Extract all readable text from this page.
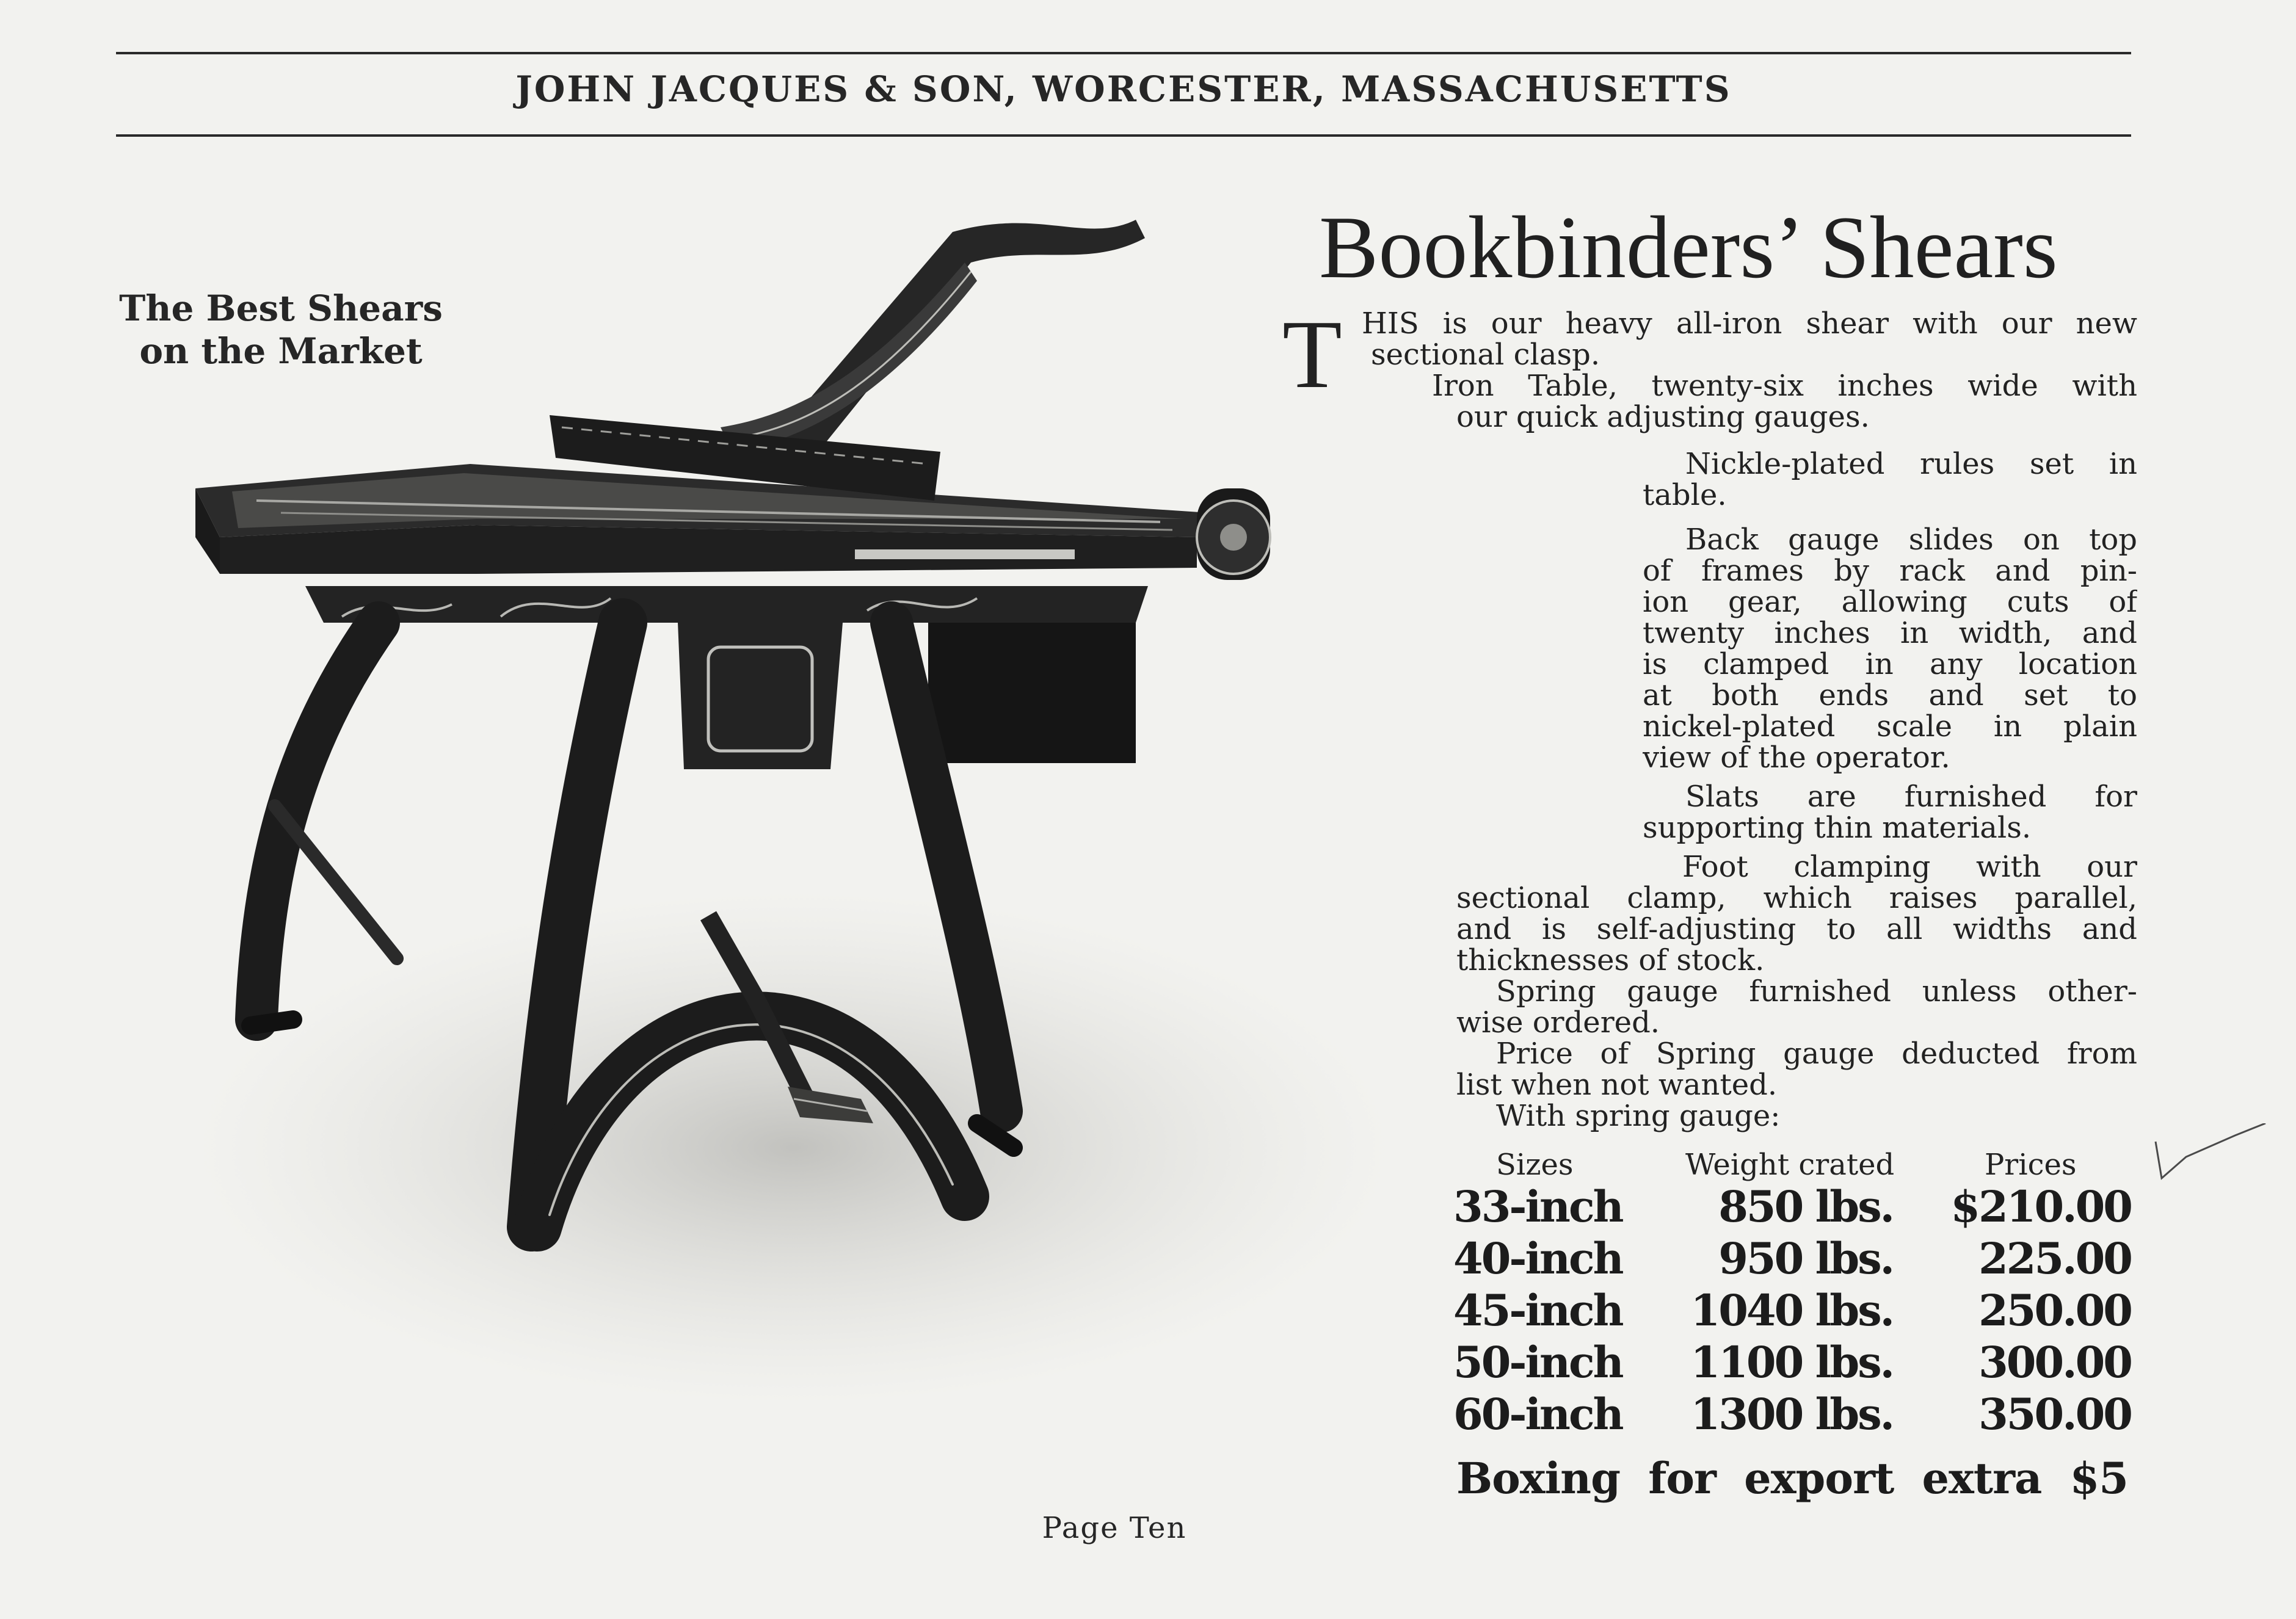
JOHN JACQUES & SON, WORCESTER, MASSACHUSETTS
The Best Shears
on the Market
Bookbinders’ Shears
T HIS is our heavy all-iron shear with our new
sectional clasp.
Iron Table, twenty-six inches wide with
our quick adjusting gauges.
Nickle-plated rules set in
table.
Back gauge slides on top
of frames by rack and pin-
ion gear, allowing cuts of
twenty inches in width, and
is clamped in any location
at both ends and set to
nickel-plated scale in plain
view of the operator.
Slats are furnished for
supporting thin materials.
Foot clamping with our
sectional clamp, which raises parallel,
and is self-adjusting to all widths and
thicknesses of stock.
Spring gauge furnished unless other-
wise ordered.
Price of Spring gauge deducted from
list when not wanted.
With spring gauge:
Sizes	Weight crated	Prices
33-inch 850 lbs. $210.00
40-inch 950 lbs. 225.00
45-inch 1040 lbs. 250.00
50-inch 1100 lbs. 300.00
60-inch 1300 lbs. 350.00
Boxing for export extra $5
Page Ten
